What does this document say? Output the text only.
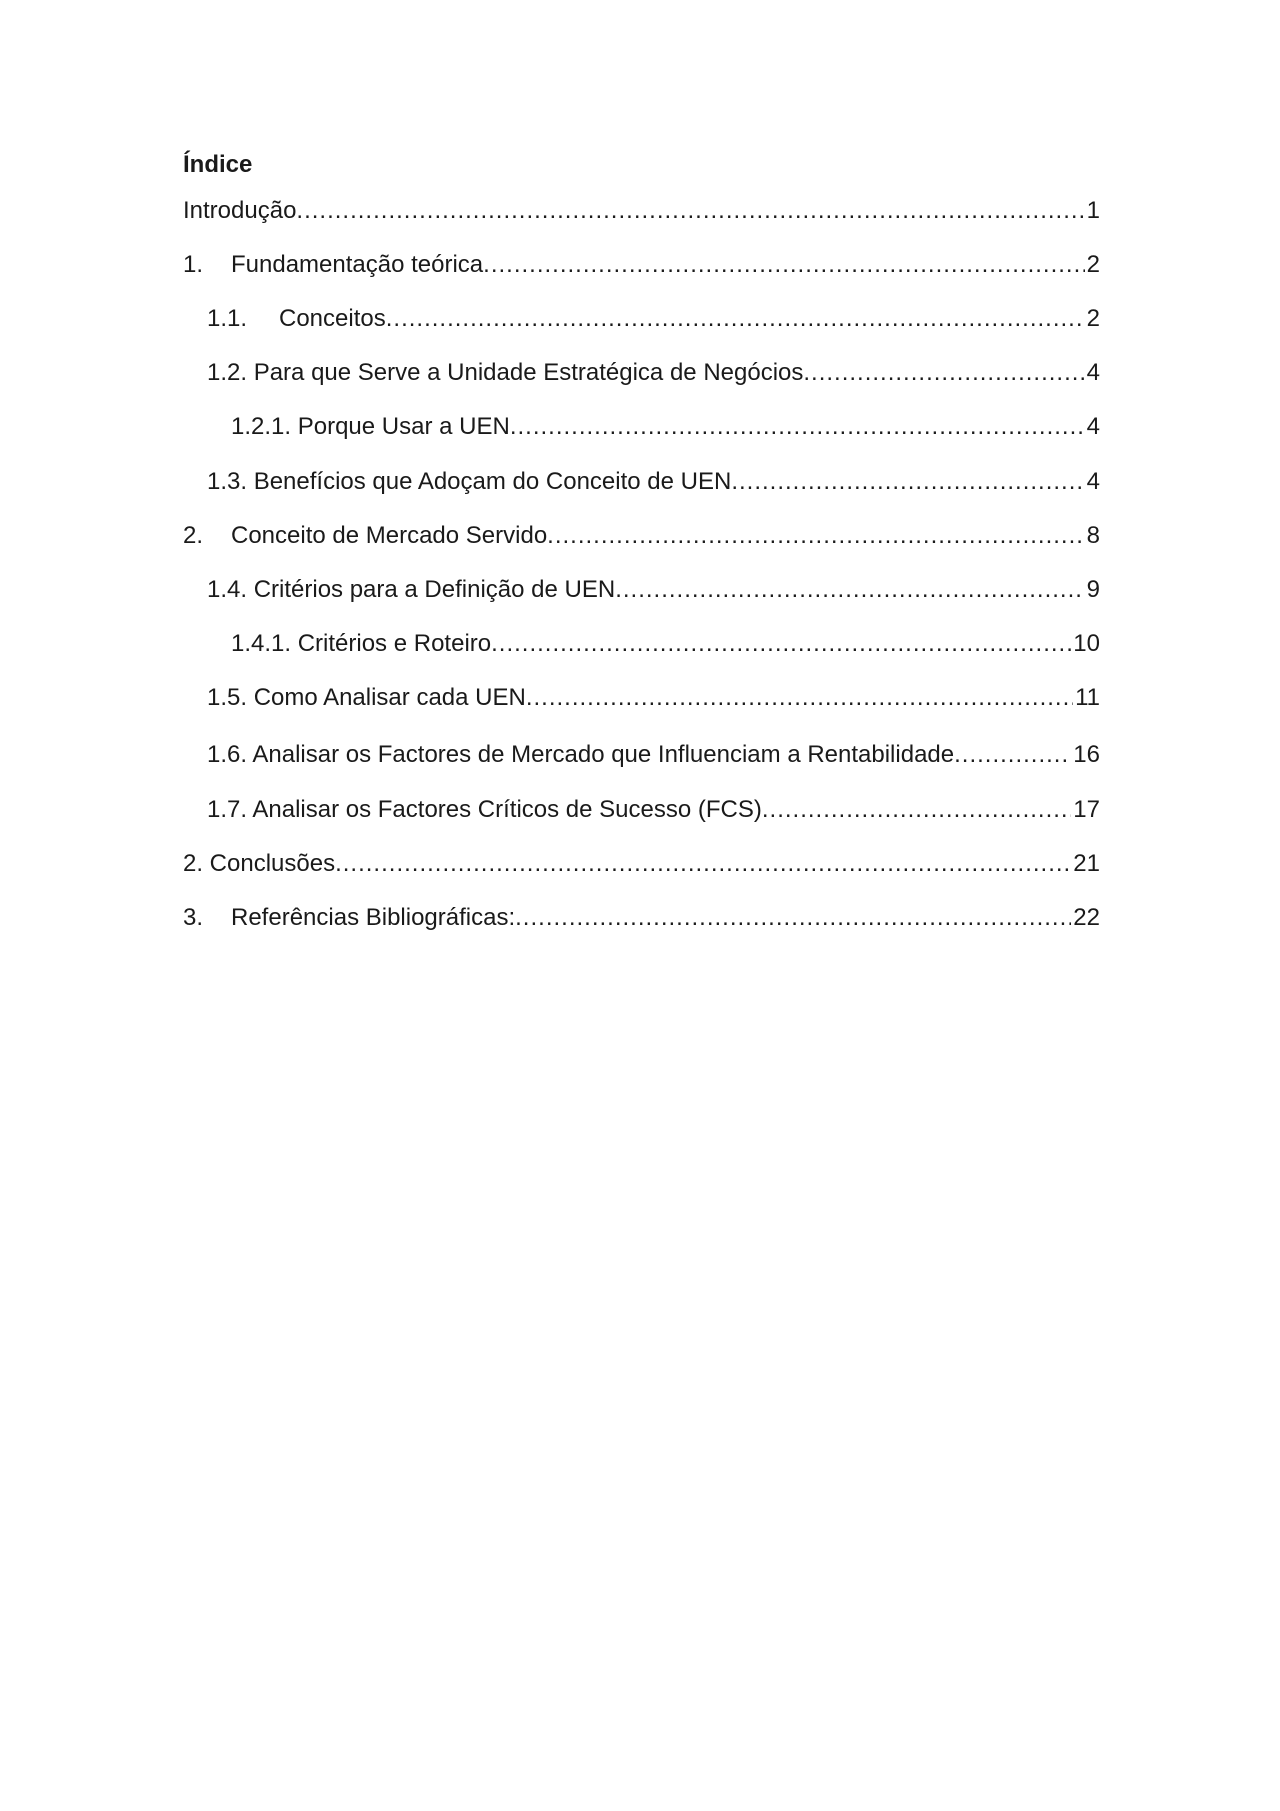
Índice
Introdução .....	1
1.	Fundamentação teórica .....	2
1.1.	Conceitos .....	2
1.2. Para que Serve a Unidade Estratégica de Negócios .....	4
1.2.1. Porque Usar a UEN .....	4
1.3. Benefícios que Adoçam do Conceito de UEN .....	4
2.	Conceito de Mercado Servido .....	8
1.4. Critérios para a Definição de UEN .....	9
1.4.1. Critérios e Roteiro .....	10
1.5. Como Analisar cada UEN .....	11
1.6. Analisar os Factores de Mercado que Influenciam a Rentabilidade .....	16
1.7. Analisar os Factores Críticos de Sucesso (FCS) .....	17
2. Conclusões .....	21
3.	Referências Bibliográficas: .....	22
